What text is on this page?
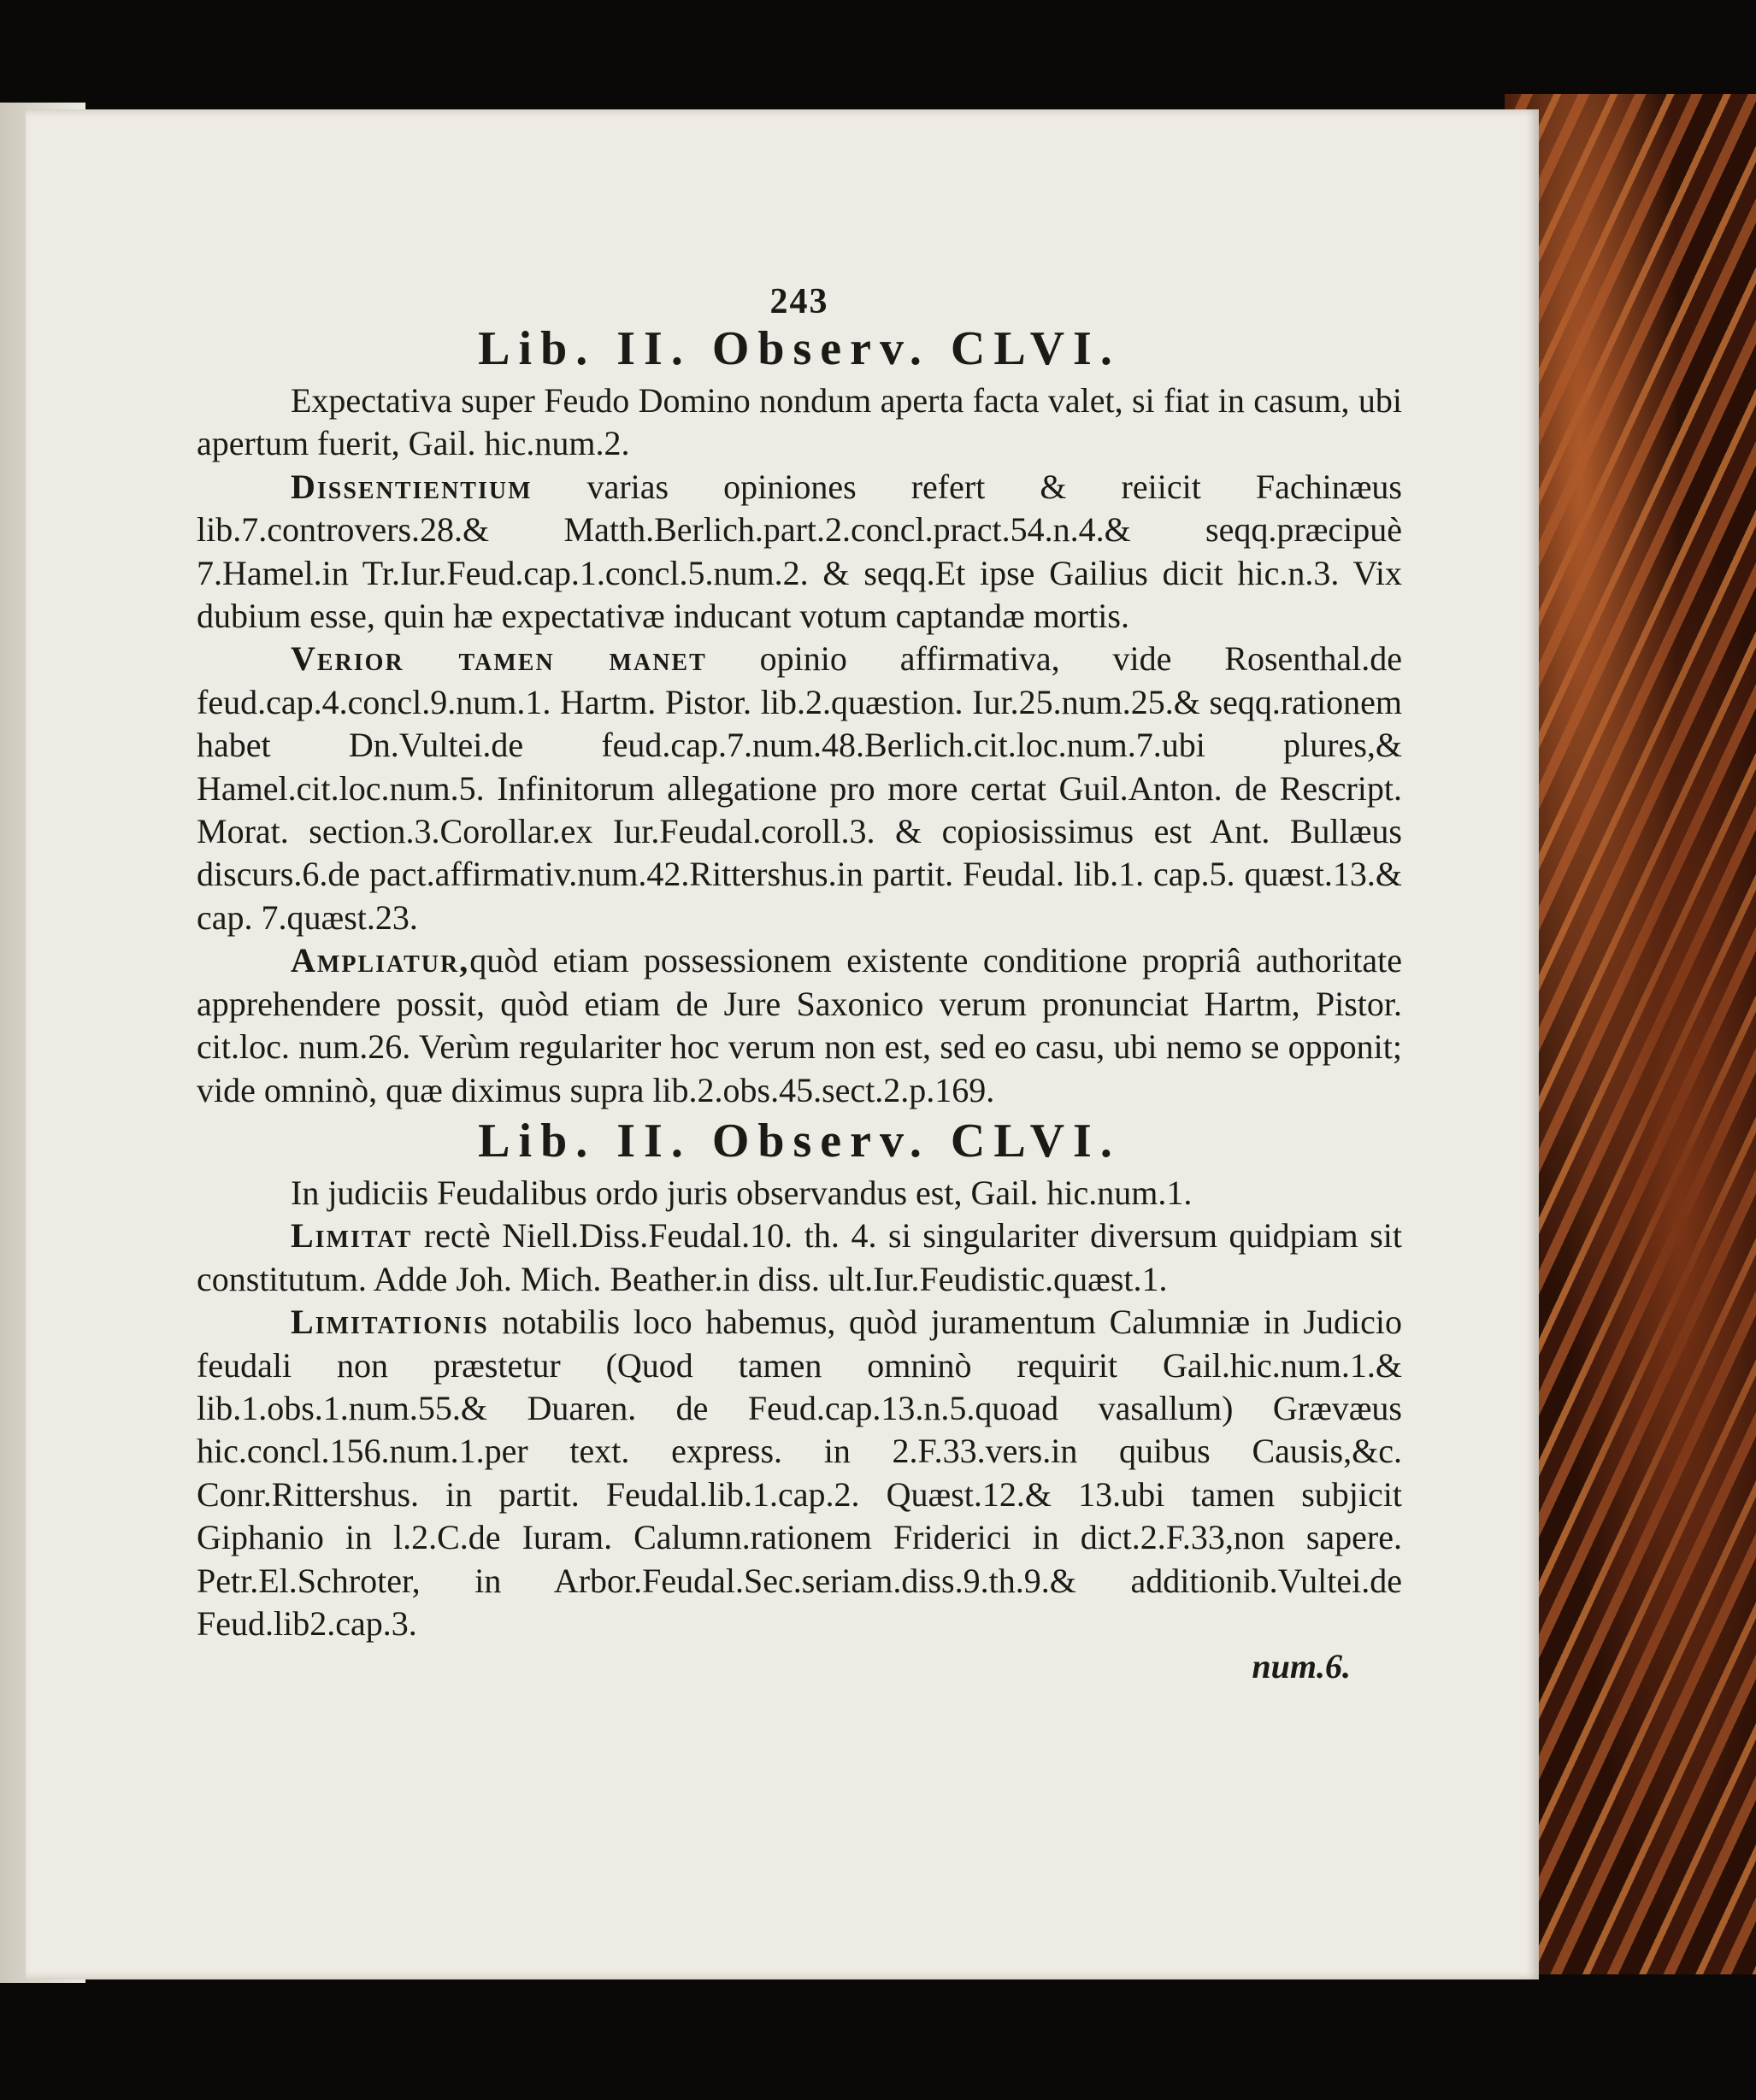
243
Lib. II. Observ. CLVI.

Expectativa super Feudo Domino nondum aperta facta valet, si fiat in casum, ubi apertum fuerit, Gail. hic.num.2.

Dissentientium varias opiniones refert & reiicit Fachinæus lib.7.controvers.28.& Matth.Berlich.part.2.concl.pract.54.n.4.& seqq.præcipuè 7.Hamel.in Tr.Iur.Feud.cap.1.concl.5.num.2. & seqq.Et ipse Gailius dicit hic.n.3. Vix dubium esse, quin hæ expectativæ inducant votum captandæ mortis.

Verior tamen manet opinio affirmativa, vide Rosenthal.de feud.cap.4.concl.9.num.1. Hartm. Pistor. lib.2.quæstion. Iur.25.num.25.& seqq.rationem habet Dn.Vultei.de feud.cap.7.num.48.Berlich.cit.loc.num.7.ubi plures,& Hamel.cit.loc.num.5. Infinitorum allegatione pro more certat Guil.Anton. de Rescript. Morat. section.3.Corollar.ex Iur.Feudal.coroll.3. & copiosissimus est Ant. Bullæus discurs.6.de pact.affirmativ.num.42.Rittershus.in partit. Feudal. lib.1. cap.5. quæst.13.& cap. 7.quæst.23.

Ampliatur,quòd etiam possessionem existente conditione propriâ authoritate apprehendere possit, quòd etiam de Jure Saxonico verum pronunciat Hartm, Pistor. cit.loc. num.26. Verùm regulariter hoc verum non est, sed eo casu, ubi nemo se opponit; vide omninò, quæ diximus supra lib.2.obs.45.sect.2.p.169.

Lib. II. Observ. CLVI.

In judiciis Feudalibus ordo juris observandus est, Gail. hic.num.1.

Limitat rectè Niell.Diss.Feudal.10. th. 4. si singulariter diversum quidpiam sit constitutum. Adde Joh. Mich. Beather.in diss. ult.Iur.Feudistic.quæst.1.

Limitationis notabilis loco habemus, quòd juramentum Calumniæ in Judicio feudali non præstetur (Quod tamen omninò requirit Gail.hic.num.1.& lib.1.obs.1.num.55.& Duaren. de Feud.cap.13.n.5.quoad vasallum) Grævæus hic.concl.156.num.1.per text. express. in 2.F.33.vers.in quibus Causis,&c. Conr.Rittershus. in partit. Feudal.lib.1.cap.2. Quæst.12.& 13.ubi tamen subjicit Giphanio in l.2.C.de Iuram. Calumn.rationem Friderici in dict.2.F.33,non sapere. Petr.El.Schroter, in Arbor.Feudal.Sec.seriam.diss.9.th.9.& additionib.Vultei.de Feud.lib2.cap.3.

num.6.
